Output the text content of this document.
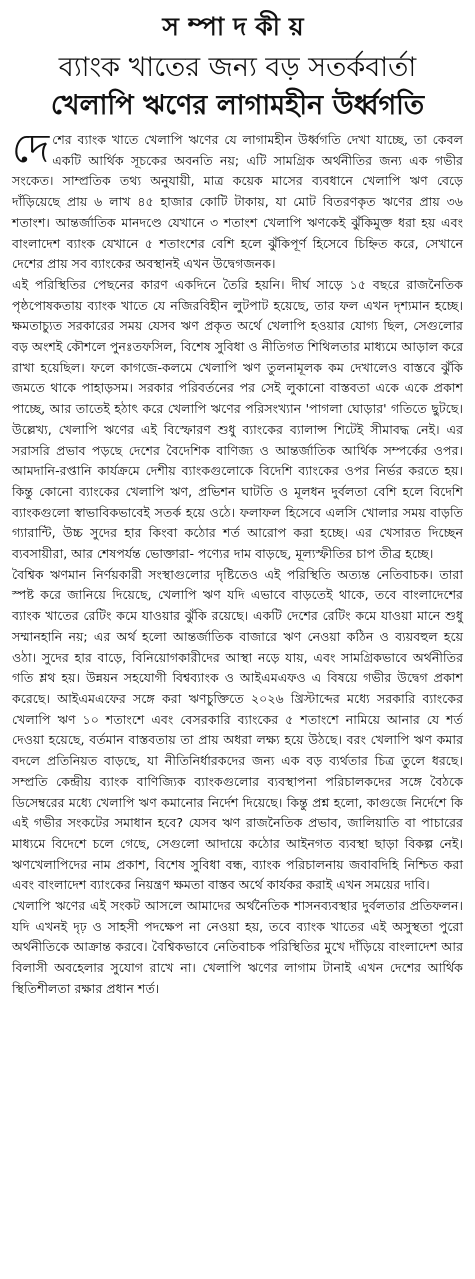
সম্পাদকীয়
ব্যাংক খাতের জন্য বড় সতর্কবার্তা
খেলাপি ঋণের লাগামহীন উর্ধ্বগতি

দেশের ব্যাংক খাতে খেলাপি ঋণের যে লাগামহীন উর্ধ্বগতি দেখা যাচ্ছে, তা কেবল একটি আর্থিক সূচকের অবনতি নয়; এটি সামগ্রিক অর্থনীতির জন্য এক গভীর সংকেত। সাম্প্রতিক তথ্য অনুযায়ী, মাত্র কয়েক মাসের ব্যবধানে খেলাপি ঋণ বেড়ে দাঁড়িয়েছে প্রায় ৬ লাখ ৪৫ হাজার কোটি টাকায়, যা মোট বিতরণকৃত ঋণের প্রায় ৩৬ শতাংশ। আন্তর্জাতিক মানদণ্ডে যেখানে ৩ শতাংশ খেলাপি ঋণকেই ঝুঁকিমুক্ত ধরা হয় এবং বাংলাদেশ ব্যাংক যেখানে ৫ শতাংশের বেশি হলে ঝুঁকিপূর্ণ হিসেবে চিহ্নিত করে, সেখানে দেশের প্রায় সব ব্যাংকের অবস্থানই এখন উদ্বেগজনক।

এই পরিস্থিতির পেছনের কারণ একদিনে তৈরি হয়নি। দীর্ঘ সাড়ে ১৫ বছরে রাজনৈতিক পৃষ্ঠপোষকতায় ব্যাংক খাতে যে নজিরবিহীন লুটপাট হয়েছে, তার ফল এখন দৃশ্যমান হচ্ছে। ক্ষমতাচ্যুত সরকারের সময় যেসব ঋণ প্রকৃত অর্থে খেলাপি হওয়ার যোগ্য ছিল, সেগুলোর বড় অংশই কৌশলে পুনঃতফসিল, বিশেষ সুবিধা ও নীতিগত শিথিলতার মাধ্যমে আড়াল করে রাখা হয়েছিল। ফলে কাগজে-কলমে খেলাপি ঋণ তুলনামূলক কম দেখালেও বাস্তবে ঝুঁকি জমতে থাকে পাহাড়সম। সরকার পরিবর্তনের পর সেই লুকানো বাস্তবতা একে একে প্রকাশ পাচ্ছে, আর তাতেই হঠাৎ করে খেলাপি ঋণের পরিসংখ্যান 'পাগলা ঘোড়ার' গতিতে ছুটছে। উল্লেখ্য, খেলাপি ঋণের এই বিস্ফোরণ শুধু ব্যাংকের ব্যালান্স শিটেই সীমাবদ্ধ নেই। এর সরাসরি প্রভাব পড়ছে দেশের বৈদেশিক বাণিজ্য ও আন্তর্জাতিক আর্থিক সম্পর্কের ওপর। আমদানি-রপ্তানি কার্যক্রমে দেশীয় ব্যাংকগুলোকে বিদেশি ব্যাংকের ওপর নির্ভর করতে হয়। কিন্তু কোনো ব্যাংকের খেলাপি ঋণ, প্রভিশন ঘাটতি ও মূলধন দুর্বলতা বেশি হলে বিদেশি ব্যাংকগুলো স্বাভাবিকভাবেই সতর্ক হয়ে ওঠে। ফলাফল হিসেবে এলসি খোলার সময় বাড়তি গ্যারান্টি, উচ্চ সুদের হার কিংবা কঠোর শর্ত আরোপ করা হচ্ছে। এর খেসারত দিচ্ছেন ব্যবসায়ীরা, আর শেষপর্যন্ত ভোক্তারা- পণ্যের দাম বাড়ছে, মূল্যস্ফীতির চাপ তীব্র হচ্ছে।

বৈশ্বিক ঋণমান নির্ণয়কারী সংস্থাগুলোর দৃষ্টিতেও এই পরিস্থিতি অত্যন্ত নেতিবাচক। তারা স্পষ্ট করে জানিয়ে দিয়েছে, খেলাপি ঋণ যদি এভাবে বাড়তেই থাকে, তবে বাংলাদেশের ব্যাংক খাতের রেটিং কমে যাওয়ার ঝুঁকি রয়েছে। একটি দেশের রেটিং কমে যাওয়া মানে শুধু সম্মানহানি নয়; এর অর্থ হলো আন্তর্জাতিক বাজারে ঋণ নেওয়া কঠিন ও ব্যয়বহুল হয়ে ওঠা। সুদের হার বাড়ে, বিনিয়োগকারীদের আস্থা নড়ে যায়, এবং সামগ্রিকভাবে অর্থনীতির গতি শ্লথ হয়। উন্নয়ন সহযোগী বিশ্বব্যাংক ও আইএমএফও এ বিষয়ে গভীর উদ্বেগ প্রকাশ করেছে। আইএমএফের সঙ্গে করা ঋণচুক্তিতে ২০২৬ খ্রিস্টাব্দের মধ্যে সরকারি ব্যাংকের খেলাপি ঋণ ১০ শতাংশে এবং বেসরকারি ব্যাংকের ৫ শতাংশে নামিয়ে আনার যে শর্ত দেওয়া হয়েছে, বর্তমান বাস্তবতায় তা প্রায় অধরা লক্ষ্য হয়ে উঠছে। বরং খেলাপি ঋণ কমার বদলে প্রতিনিয়ত বাড়ছে, যা নীতিনির্ধারকদের জন্য এক বড় ব্যর্থতার চিত্র তুলে ধরছে। সম্প্রতি কেন্দ্রীয় ব্যাংক বাণিজ্যিক ব্যাংকগুলোর ব্যবস্থাপনা পরিচালকদের সঙ্গে বৈঠকে ডিসেম্বরের মধ্যে খেলাপি ঋণ কমানোর নির্দেশ দিয়েছে। কিন্তু প্রশ্ন হলো, কাগুজে নির্দেশে কি এই গভীর সংকটের সমাধান হবে? যেসব ঋণ রাজনৈতিক প্রভাব, জালিয়াতি বা পাচারের মাধ্যমে বিদেশে চলে গেছে, সেগুলো আদায়ে কঠোর আইনগত ব্যবস্থা ছাড়া বিকল্প নেই। ঋণখেলাপিদের নাম প্রকাশ, বিশেষ সুবিধা বন্ধ, ব্যাংক পরিচালনায় জবাবদিহি নিশ্চিত করা এবং বাংলাদেশ ব্যাংকের নিয়ন্ত্রণ ক্ষমতা বাস্তব অর্থে কার্যকর করাই এখন সময়ের দাবি।

খেলাপি ঋণের এই সংকট আসলে আমাদের অর্থনৈতিক শাসনব্যবস্থার দুর্বলতার প্রতিফলন। যদি এখনই দৃঢ় ও সাহসী পদক্ষেপ না নেওয়া হয়, তবে ব্যাংক খাতের এই অসুস্থতা পুরো অর্থনীতিকে আক্রান্ত করবে। বৈশ্বিকভাবে নেতিবাচক পরিস্থিতির মুখে দাঁড়িয়ে বাংলাদেশ আর বিলাসী অবহেলার সুযোগ রাখে না। খেলাপি ঋণের লাগাম টানাই এখন দেশের আর্থিক স্থিতিশীলতা রক্ষার প্রধান শর্ত।
